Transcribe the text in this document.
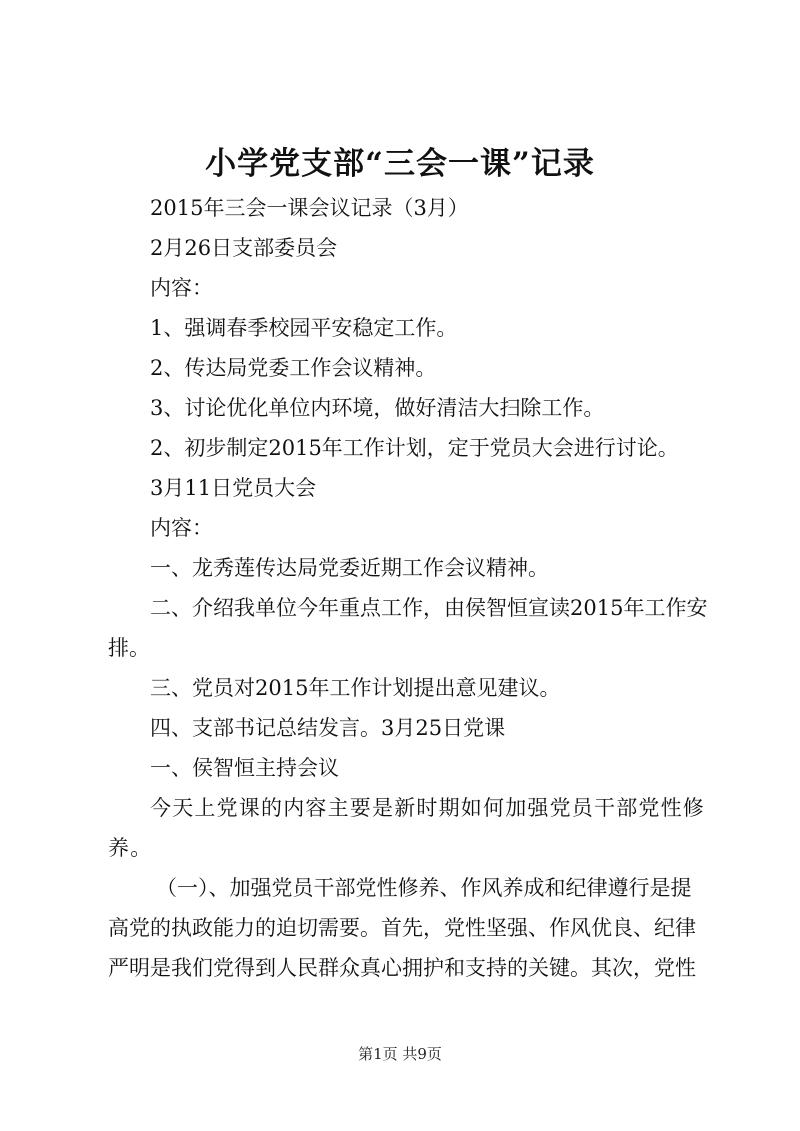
小学党支部“三会一课”记录

2015年三会一课会议记录（3月）

2月26日支部委员会

内容：

1、强调春季校园平安稳定工作。

2、传达局党委工作会议精神。

3、讨论优化单位内环境，做好清洁大扫除工作。

2、初步制定2015年工作计划，定于党员大会进行讨论。

3月11日党员大会

内容：

一、龙秀莲传达局党委近期工作会议精神。

二、介绍我单位今年重点工作，由侯智恒宣读2015年工作安排。

三、党员对2015年工作计划提出意见建议。

四、支部书记总结发言。3月25日党课

一、侯智恒主持会议

今天上党课的内容主要是新时期如何加强党员干部党性修养。

（一）、加强党员干部党性修养、作风养成和纪律遵行是提高党的执政能力的迫切需要。首先，党性坚强、作风优良、纪律严明是我们党得到人民群众真心拥护和支持的关键。其次，党性

第1页 共9页
